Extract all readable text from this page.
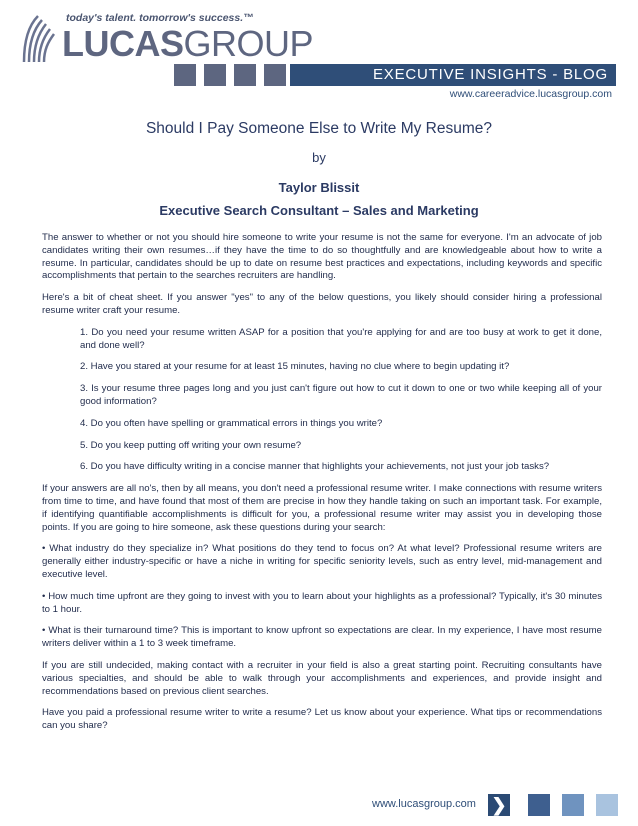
today's talent. tomorrow's success.™
LUCASGROUP
EXECUTIVE INSIGHTS - BLOG
www.careeradvice.lucasgroup.com
Should I Pay Someone Else to Write My Resume?
by
Taylor Blissit
Executive Search Consultant – Sales and Marketing

The answer to whether or not you should hire someone to write your resume is not the same for everyone. I'm an advocate of job candidates writing their own resumes…if they have the time to do so thoughtfully and are knowledgeable about how to write a resume. In particular, candidates should be up to date on resume best practices and expectations, including keywords and specific accomplishments that pertain to the searches recruiters are handling.

Here's a bit of cheat sheet. If you answer "yes" to any of the below questions, you likely should consider hiring a professional resume writer craft your resume.

1. Do you need your resume written ASAP for a position that you're applying for and are too busy at work to get it done, and done well?

2. Have you stared at your resume for at least 15 minutes, having no clue where to begin updating it?

3. Is your resume three pages long and you just can't figure out how to cut it down to one or two while keeping all of your good information?

4. Do you often have spelling or grammatical errors in things you write?

5. Do you keep putting off writing your own resume?

6. Do you have difficulty writing in a concise manner that highlights your achievements, not just your job tasks?

If your answers are all no's, then by all means, you don't need a professional resume writer. I make connections with resume writers from time to time, and have found that most of them are precise in how they handle taking on such an important task. For example, if identifying quantifiable accomplishments is difficult for you, a professional resume writer may assist you in developing those points. If you are going to hire someone, ask these questions during your search:

• What industry do they specialize in? What positions do they tend to focus on? At what level? Professional resume writers are generally either industry-specific or have a niche in writing for specific seniority levels, such as entry level, mid-management and executive level.

• How much time upfront are they going to invest with you to learn about your highlights as a professional? Typically, it's 30 minutes to 1 hour.

• What is their turnaround time? This is important to know upfront so expectations are clear. In my experience, I have most resume writers deliver within a 1 to 3 week timeframe.

If you are still undecided, making contact with a recruiter in your field is also a great starting point. Recruiting consultants have various specialties, and should be able to walk through your accomplishments and experiences, and provide insight and recommendations based on previous client searches.

Have you paid a professional resume writer to write a resume? Let us know about your experience. What tips or recommendations can you share?

www.lucasgroup.com ❯
